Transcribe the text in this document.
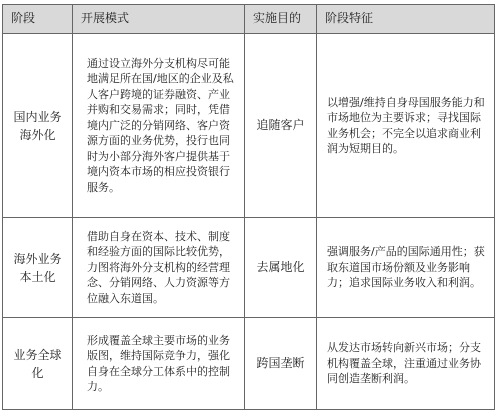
阶段	开展模式	实施目的	阶段特征
国内业务海外化	通过设立海外分支机构尽可能地满足所在国/地区的企业及私人客户跨境的证券融资、产业并购和交易需求；同时，凭借境内广泛的分销网络、客户资源方面的业务优势，投行也同时为小部分海外客户提供基于境内资本市场的相应投资银行服务。	追随客户	以增强/维持自身母国服务能力和市场地位为主要诉求；寻找国际业务机会；不完全以追求商业利润为短期目的。

海外业务本土化	借助自身在资本、技术、制度和经验方面的国际比较优势，力图将海外分支机构的经营理念、分销网络、人力资源等方位融入东道国。	去属地化	强调服务/产品的国际通用性；获取东道国市场份额及业务影响力；追求国际业务收入和利润。

业务全球化	形成覆盖全球主要市场的业务版图，维持国际竞争力，强化自身在全球分工体系中的控制力。	跨国垄断	从发达市场转向新兴市场；分支机构覆盖全球，注重通过业务协同创造垄断利润。
